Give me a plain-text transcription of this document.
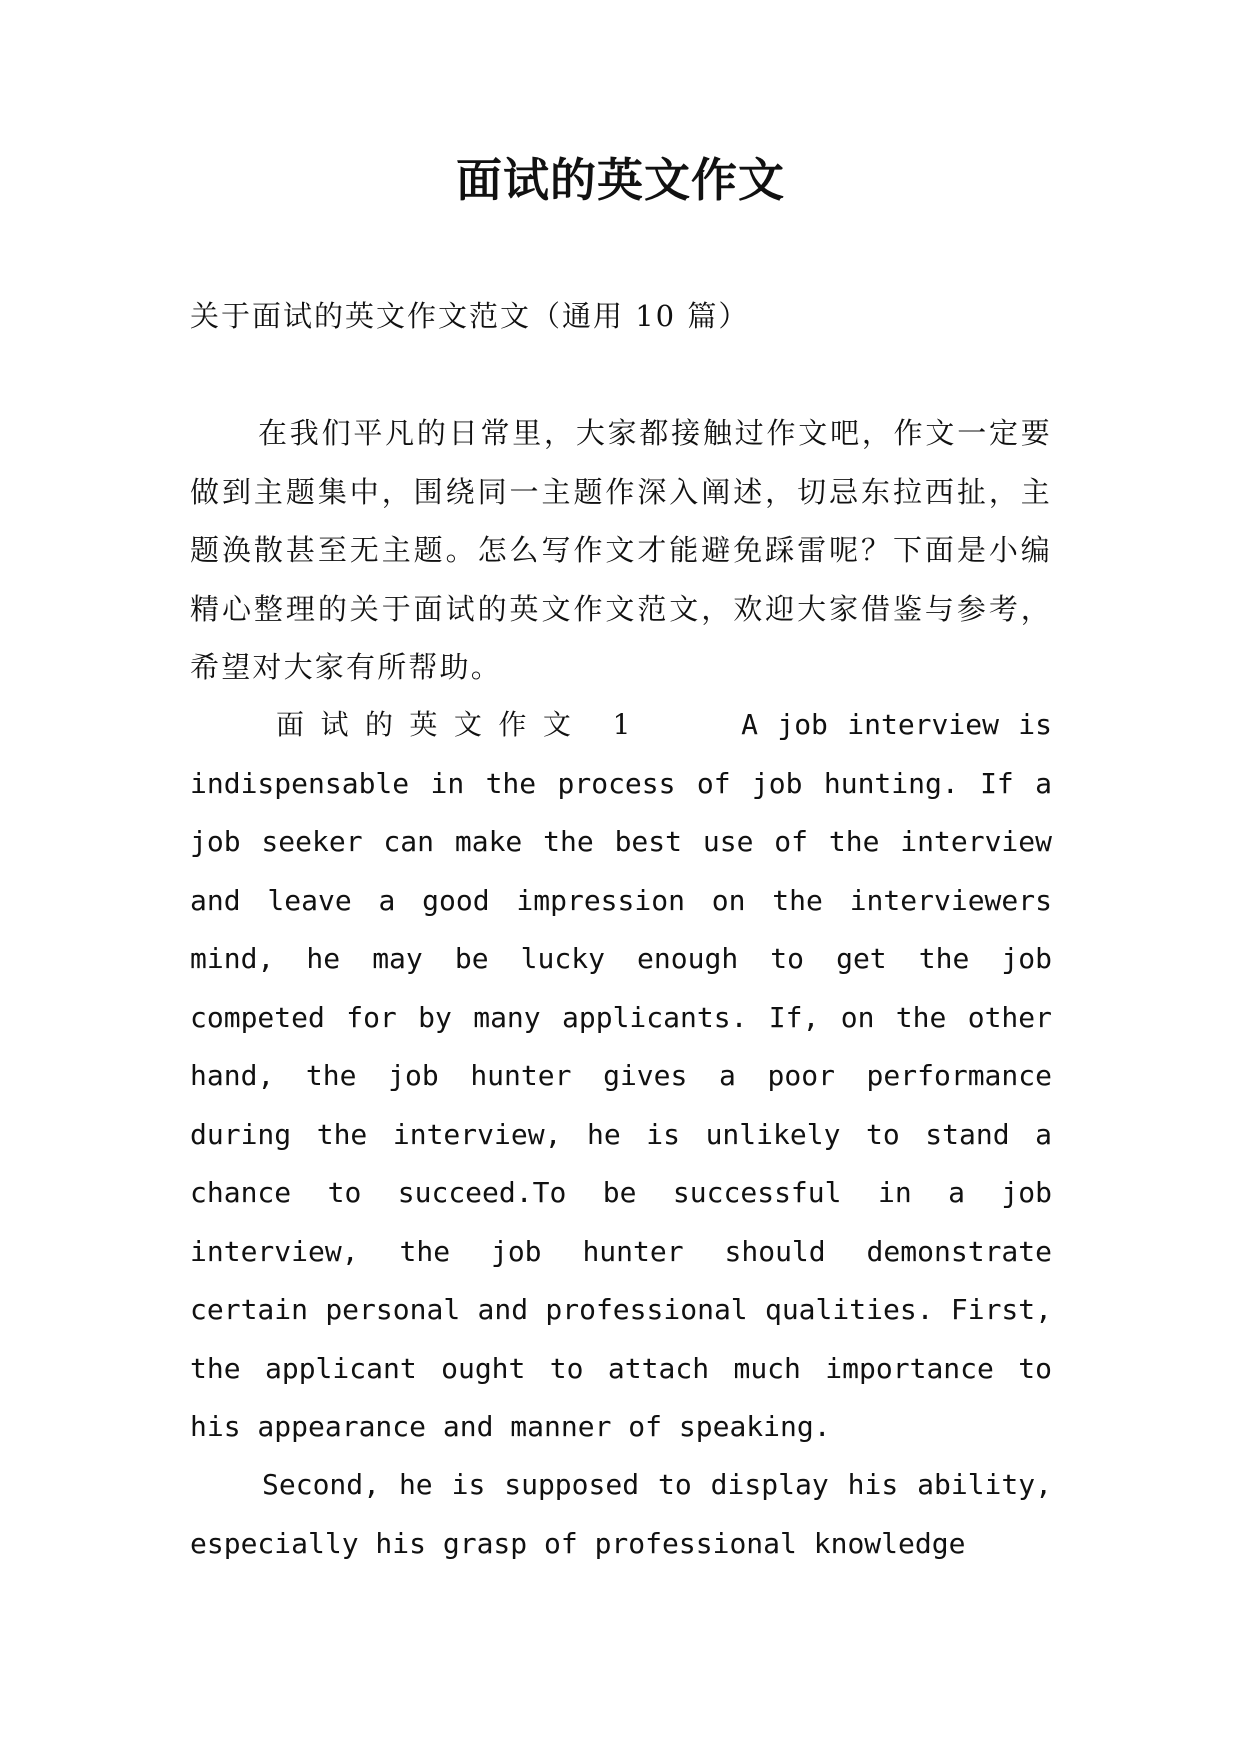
面试的英文作文
关于面试的英文作文范文（通用 10 篇）

在我们平凡的日常里，大家都接触过作文吧，作文一定要做到主题集中，围绕同一主题作深入阐述，切忌东拉西扯，主题涣散甚至无主题。怎么写作文才能避免踩雷呢？下面是小编精心整理的关于面试的英文作文范文，欢迎大家借鉴与参考，希望对大家有所帮助。

面试的英文作文 1	A job interview is indispensable in the process of job hunting. If a job seeker can make the best use of the interview and leave a good impression on the interviewers mind, he may be lucky enough to get the job competed for by many applicants. If, on the other hand, the job hunter gives a poor performance during the interview, he is unlikely to stand a chance to succeed.To be successful in a job interview, the job hunter should demonstrate certain personal and professional qualities. First, the applicant ought to attach much importance to his appearance and manner of speaking.

Second, he is supposed to display his ability, especially his grasp of professional knowledge
